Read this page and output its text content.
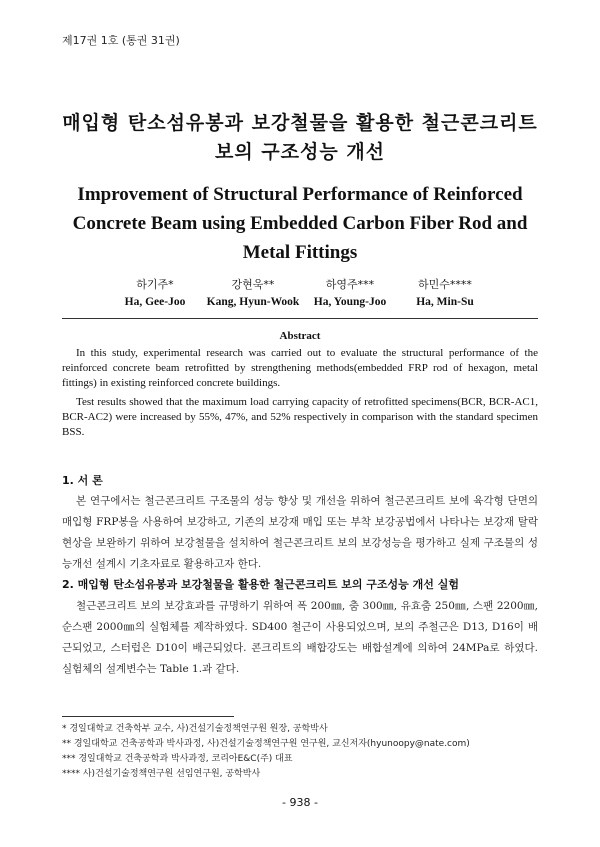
제17권 1호 (통권 31권)
매입형 탄소섬유봉과 보강철물을 활용한 철근콘크리트
보의 구조성능 개선
Improvement of Structural Performance of Reinforced Concrete Beam using Embedded Carbon Fiber Rod and Metal Fittings
하기주*
Ha, Gee-Joo
강현욱**
Kang, Hyun-Wook
하영주***
Ha, Young-Joo
하민수****
Ha, Min-Su
Abstract
In this study, experimental research was carried out to evaluate the structural performance of the reinforced concrete beam retrofitted by strengthening methods(embedded FRP rod of hexagon, metal fittings) in existing reinforced concrete buildings.
Test results showed that the maximum load carrying capacity of retrofitted specimens(BCR, BCR-AC1, BCR-AC2) were increased by 55%, 47%, and 52% respectively in comparison with the standard specimen BSS.
1. 서 론
본 연구에서는 철근콘크리트 구조물의 성능 향상 및 개선을 위하여 철근콘크리트 보에 육각형 단면의 매입형 FRP봉을 사용하여 보강하고, 기존의 보강재 매입 또는 부착 보강공법에서 나타나는 보강재 탈락현상을 보완하기 위하여 보강철물을 설치하여 철근콘크리트 보의 보강성능을 평가하고 실제 구조물의 성능개선 설계시 기초자료로 활용하고자 한다.
2. 매입형 탄소섬유봉과 보강철물을 활용한 철근콘크리트 보의 구조성능 개선 실험
철근콘크리트 보의 보강효과를 규명하기 위하여 폭 200㎜, 춤 300㎜, 유효춤 250㎜, 스팬 2200㎜, 순스팬 2000㎜의 실험체를 제작하였다. SD400 철근이 사용되었으며, 보의 주철근은 D13, D16이 배근되었고, 스터럽은 D10이 배근되었다. 콘크리트의 배합강도는 배합설계에 의하여 24MPa로 하였다. 실험체의 설계변수는 Table 1.과 같다.
* 경일대학교 건축학부 교수, 사)건설기술정책연구원 원장, 공학박사
** 경일대학교 건축공학과 박사과정, 사)건설기술정책연구원 연구원, 교신저자(hyunoopy@nate.com)
*** 경일대학교 건축공학과 박사과정, 코리아E&C(주) 대표
**** 사)건설기술정책연구원 선임연구원, 공학박사
- 938 -
